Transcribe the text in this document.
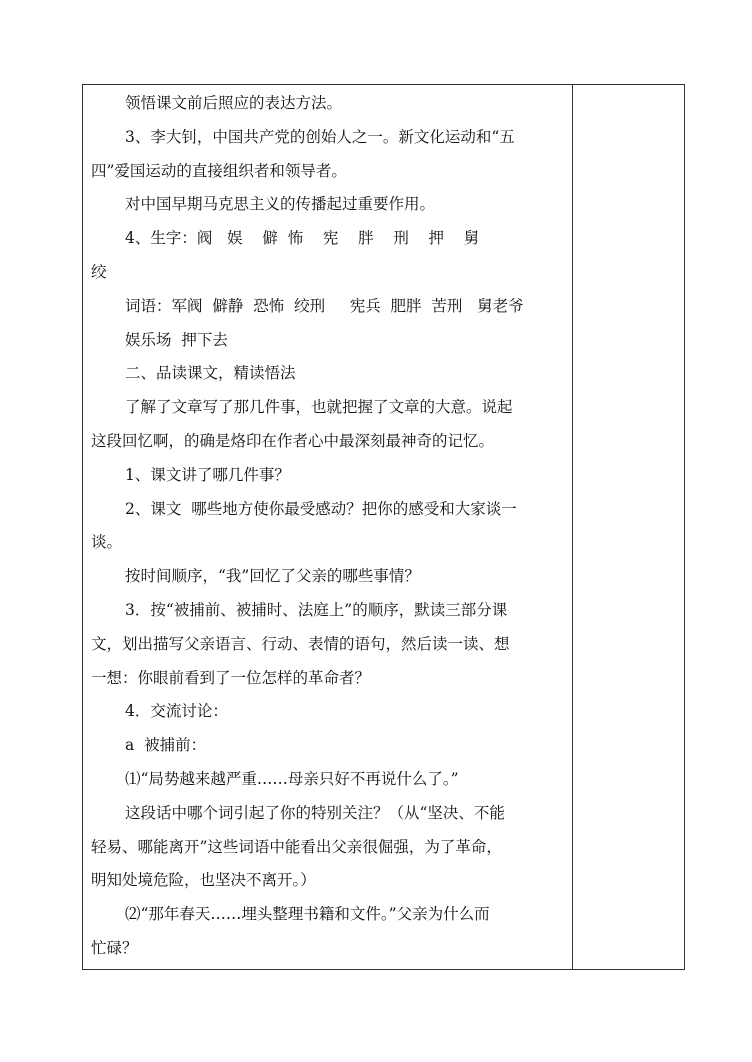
领悟课文前后照应的表达方法。

3、李大钊，中国共产党的创始人之一。新文化运动和“五

四”爱国运动的直接组织者和领导者。

对中国早期马克思主义的传播起过重要作用。

4、生字：阀   娱    僻  怖    宪    胖    刑    押    舅

绞

词语：军阀  僻静  恐怖  绞刑     宪兵  肥胖  苦刑   舅老爷

娱乐场  押下去

二、品读课文，精读悟法

了解了文章写了那几件事，也就把握了文章的大意。说起

这段回忆啊，的确是烙印在作者心中最深刻最神奇的记忆。

1、课文讲了哪几件事？

2、课文  哪些地方使你最受感动？把你的感受和大家谈一

谈。

按时间顺序，“我”回忆了父亲的哪些事情？

3．按“被捕前、被捕时、法庭上”的顺序，默读三部分课

文，划出描写父亲语言、行动、表情的语句，然后读一读、想

一想：你眼前看到了一位怎样的革命者？

4．交流讨论：

a  被捕前：

⑴“局势越来越严重……母亲只好不再说什么了。”

这段话中哪个词引起了你的特别关注？（从“坚决、不能

轻易、哪能离开”这些词语中能看出父亲很倔强，为了革命，

明知处境危险，也坚决不离开。）

⑵“那年春天……埋头整理书籍和文件。”父亲为什么而

忙碌？
